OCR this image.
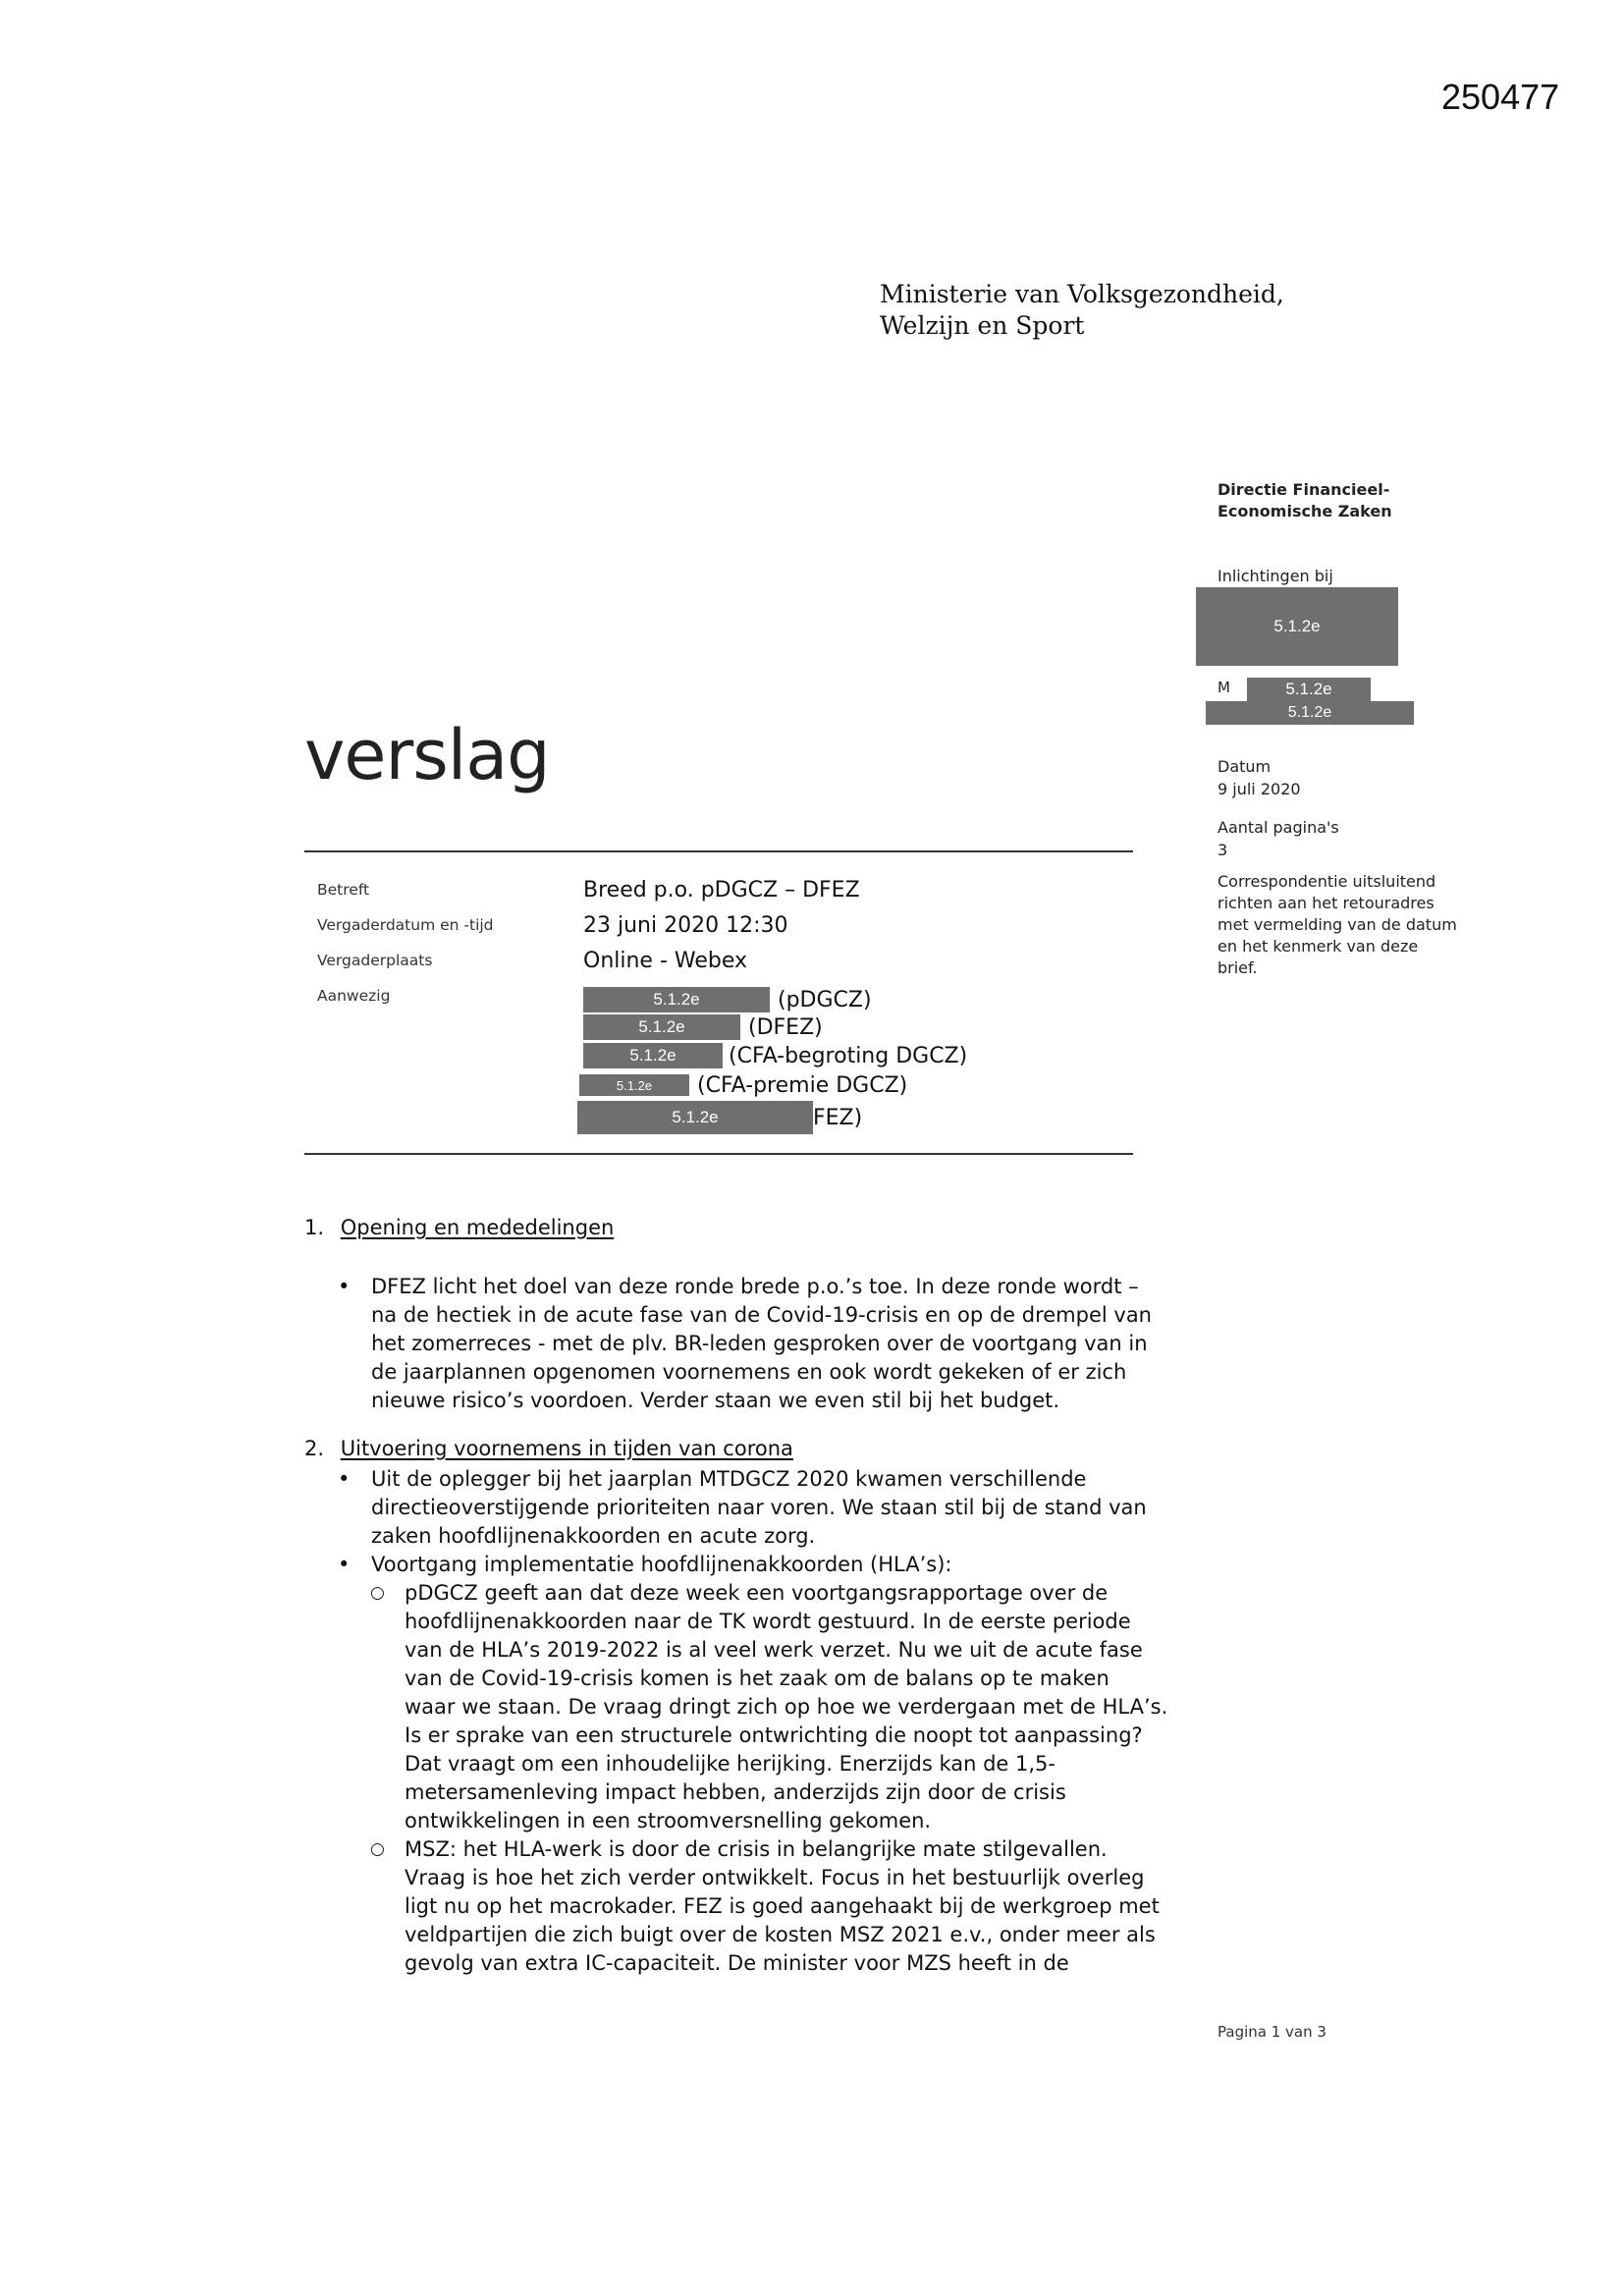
250477
Ministerie van Volksgezondheid,
Welzijn en Sport
verslag
Directie Financieel-
Economische Zaken
Inlichtingen bij
5.1.2e
M	5.1.2e
5.1.2e
Datum
9 juli 2020
Aantal pagina's
3
Correspondentie uitsluitend
richten aan het retouradres
met vermelding van de datum
en het kenmerk van deze
brief.
Betreft	Breed p.o. pDGCZ – DFEZ
Vergaderdatum en -tijd	23 juni 2020 12:30
Vergaderplaats	Online - Webex
Aanwezig	5.1.2e	(pDGCZ)
5.1.2e	(DFEZ)
5.1.2e	(CFA-begroting DGCZ)
5.1.2e	(CFA-premie DGCZ)
5.1.2e	FEZ)
1. Opening en mededelingen
• DFEZ licht het doel van deze ronde brede p.o.’s toe. In deze ronde wordt –
na de hectiek in de acute fase van de Covid-19-crisis en op de drempel van
het zomerreces - met de plv. BR-leden gesproken over de voortgang van in
de jaarplannen opgenomen voornemens en ook wordt gekeken of er zich
nieuwe risico’s voordoen. Verder staan we even stil bij het budget.
2. Uitvoering voornemens in tijden van corona
• Uit de oplegger bij het jaarplan MTDGCZ 2020 kwamen verschillende
directieoverstijgende prioriteiten naar voren. We staan stil bij de stand van
zaken hoofdlijnenakkoorden en acute zorg.
• Voortgang implementatie hoofdlijnenakkoorden (HLA’s):
○ pDGCZ geeft aan dat deze week een voortgangsrapportage over de
hoofdlijnenakkoorden naar de TK wordt gestuurd. In de eerste periode
van de HLA’s 2019-2022 is al veel werk verzet. Nu we uit de acute fase
van de Covid-19-crisis komen is het zaak om de balans op te maken
waar we staan. De vraag dringt zich op hoe we verdergaan met de HLA’s.
Is er sprake van een structurele ontwrichting die noopt tot aanpassing?
Dat vraagt om een inhoudelijke herijking. Enerzijds kan de 1,5-
metersamenleving impact hebben, anderzijds zijn door de crisis
ontwikkelingen in een stroomversnelling gekomen.
○ MSZ: het HLA-werk is door de crisis in belangrijke mate stilgevallen.
Vraag is hoe het zich verder ontwikkelt. Focus in het bestuurlijk overleg
ligt nu op het macrokader. FEZ is goed aangehaakt bij de werkgroep met
veldpartijen die zich buigt over de kosten MSZ 2021 e.v., onder meer als
gevolg van extra IC-capaciteit. De minister voor MZS heeft in de
Pagina 1 van 3
